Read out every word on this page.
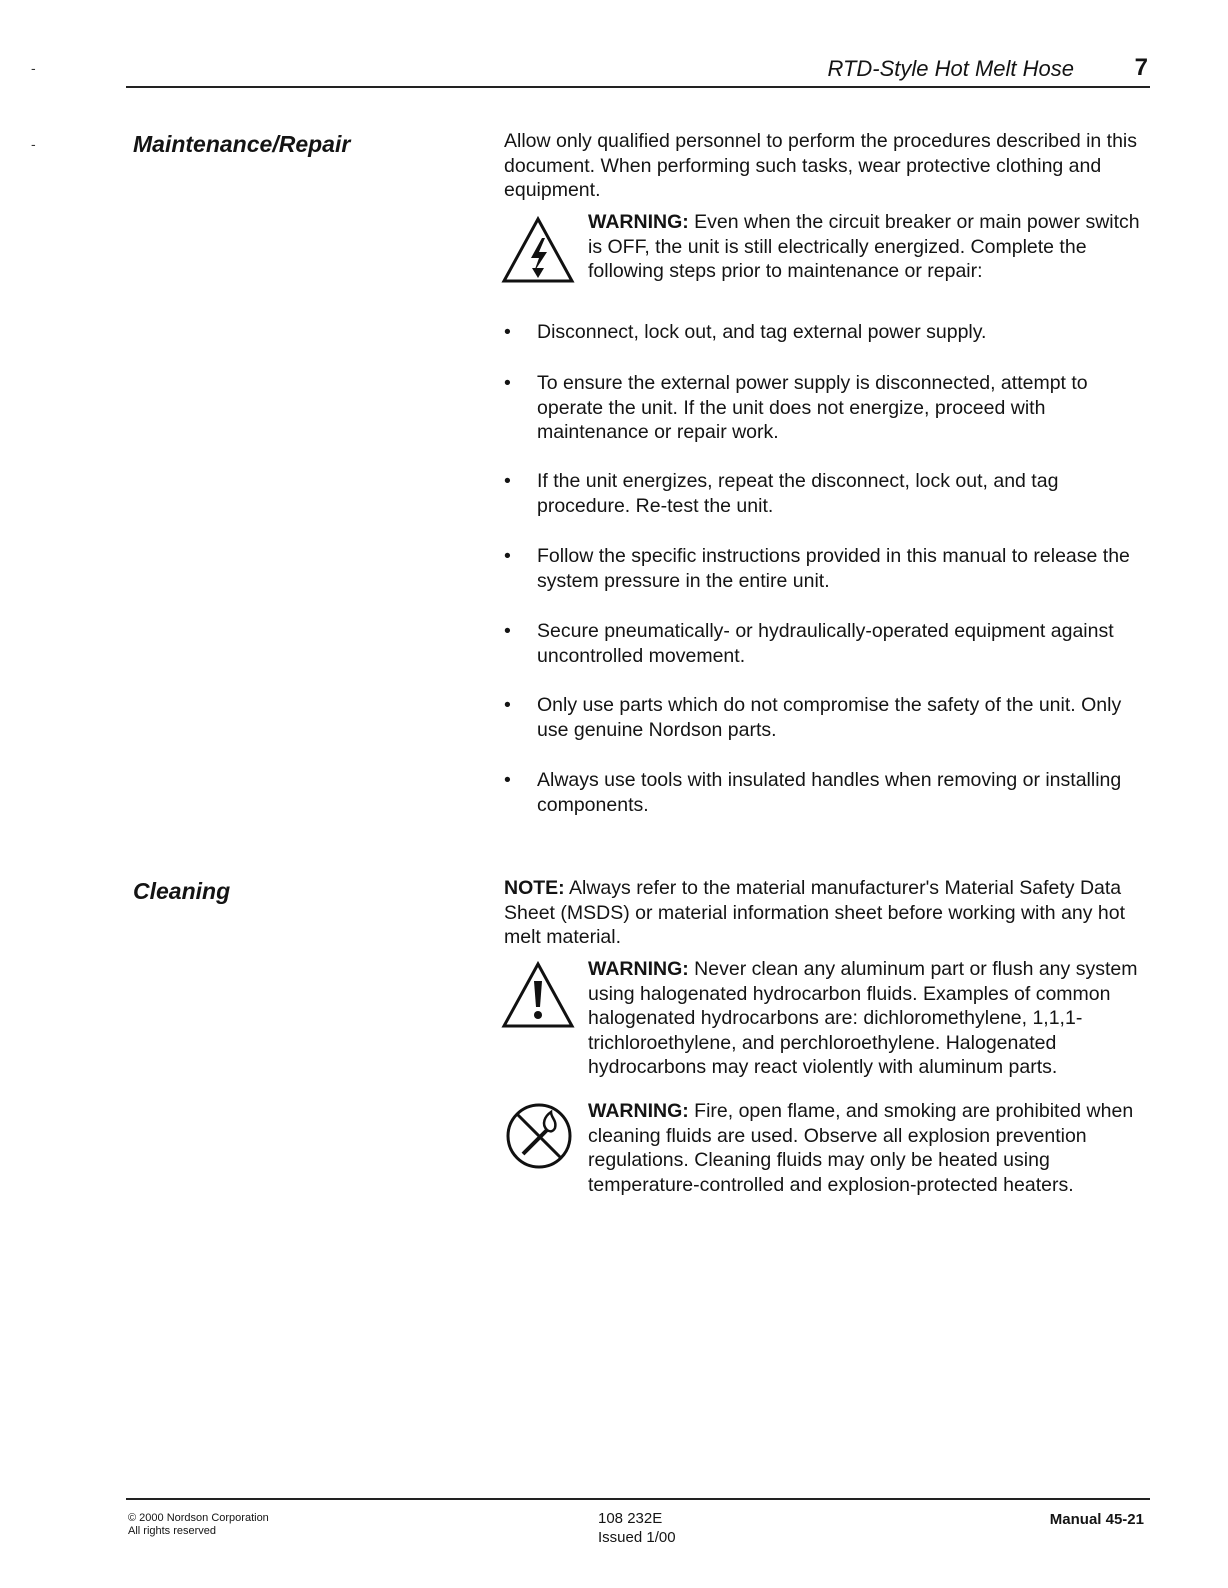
-
-
RTD-Style Hot Melt Hose	7
Maintenance/Repair	Allow only qualified personnel to perform the procedures described in this document. When performing such tasks, wear protective clothing and equipment.
WARNING: Even when the circuit breaker or main power switch is OFF, the unit is still electrically energized. Complete the following steps prior to maintenance or repair:
• Disconnect, lock out, and tag external power supply.
• To ensure the external power supply is disconnected, attempt to operate the unit. If the unit does not energize, proceed with maintenance or repair work.
• If the unit energizes, repeat the disconnect, lock out, and tag procedure. Re-test the unit.
• Follow the specific instructions provided in this manual to release the system pressure in the entire unit.
• Secure pneumatically- or hydraulically-operated equipment against uncontrolled movement.
• Only use parts which do not compromise the safety of the unit. Only use genuine Nordson parts.
• Always use tools with insulated handles when removing or installing components.
Cleaning	NOTE: Always refer to the material manufacturer's Material Safety Data Sheet (MSDS) or material information sheet before working with any hot melt material.
WARNING: Never clean any aluminum part or flush any system using halogenated hydrocarbon fluids. Examples of common halogenated hydrocarbons are: dichloromethylene, 1,1,1-trichloroethylene, and perchloroethylene. Halogenated hydrocarbons may react violently with aluminum parts.
WARNING: Fire, open flame, and smoking are prohibited when cleaning fluids are used. Observe all explosion prevention regulations. Cleaning fluids may only be heated using temperature-controlled and explosion-protected heaters.
© 2000 Nordson Corporation
All rights reserved
108 232E
Issued 1/00
Manual 45-21
